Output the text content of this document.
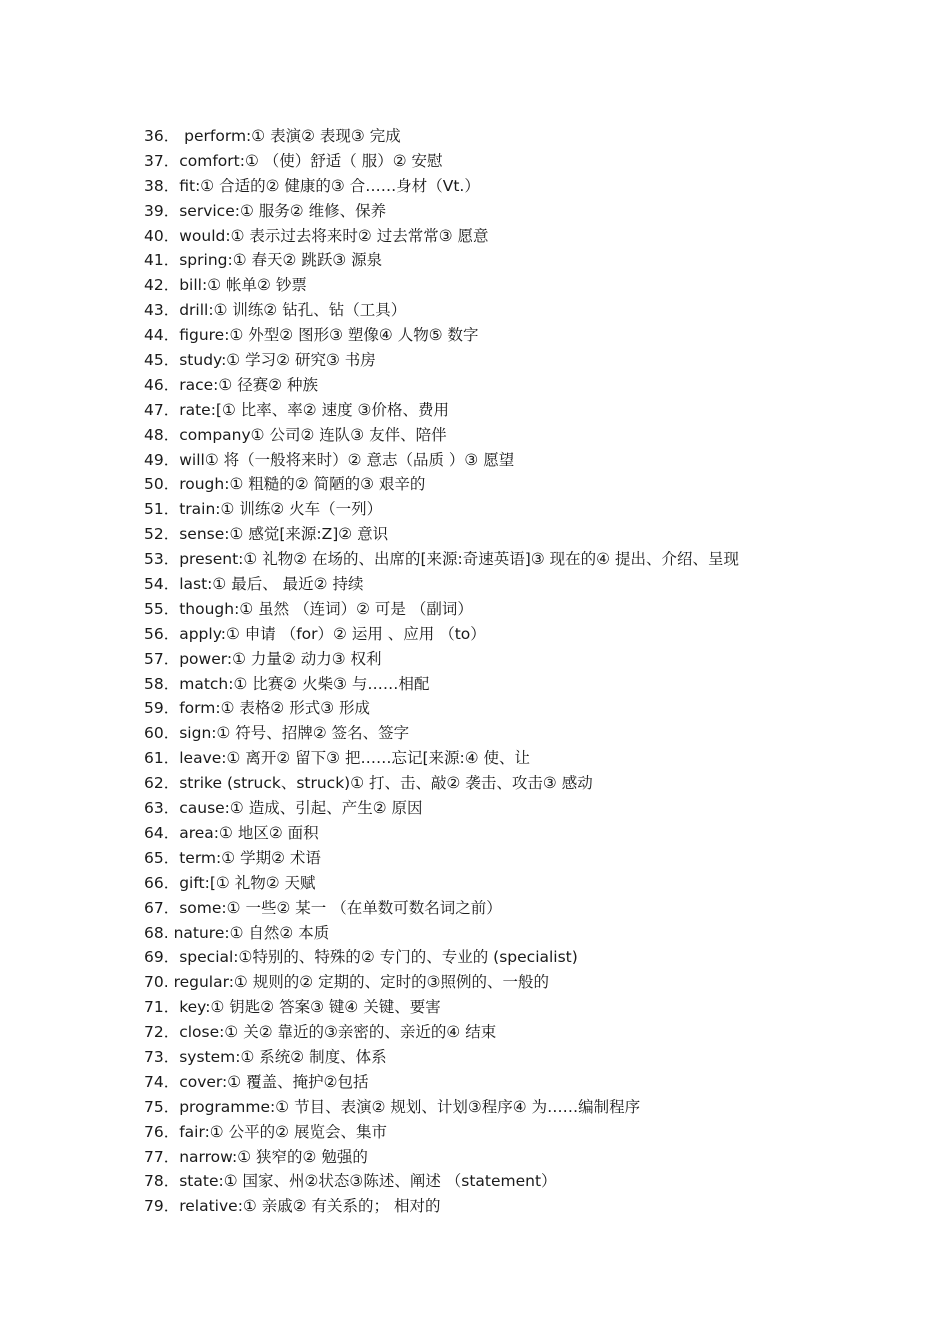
36． perform:① 表演② 表现③ 完成
37．comfort:① （使）舒适（ 服）② 安慰
38．fit:① 合适的② 健康的③ 合……身材（Vt.）
39．service:① 服务② 维修、保养
40．would:① 表示过去将来时② 过去常常③ 愿意
41．spring:① 春天② 跳跃③ 源泉
42．bill:① 帐单② 钞票
43．drill:① 训练② 钻孔、钻（工具）
44．figure:① 外型② 图形③ 塑像④ 人物⑤ 数字
45．study:① 学习② 研究③ 书房
46．race:① 径赛② 种族
47．rate:[① 比率、率② 速度 ③价格、费用
48．company① 公司② 连队③ 友伴、陪伴
49．will① 将（一般将来时）② 意志（品质 ）③ 愿望
50．rough:① 粗糙的② 简陋的③ 艰辛的
51．train:① 训练② 火车（一列）
52．sense:① 感觉[来源:Z]② 意识
53．present:① 礼物② 在场的、出席的[来源:奇速英语]③ 现在的④ 提出、介绍、呈现
54．last:① 最后、 最近② 持续
55．though:① 虽然 （连词）② 可是 （副词）
56．apply:① 申请 （for）② 运用 、应用 （to）
57．power:① 力量② 动力③ 权利
58．match:① 比赛② 火柴③ 与……相配
59．form:① 表格② 形式③ 形成
60．sign:① 符号、招牌② 签名、签字
61．leave:① 离开② 留下③ 把……忘记[来源:④ 使、让
62．strike (struck、struck)① 打、击、敲② 袭击、攻击③ 感动
63．cause:① 造成、引起、产生② 原因
64．area:① 地区② 面积
65．term:① 学期② 术语
66．gift:[① 礼物② 天赋
67．some:① 一些② 某一 （在单数可数名词之前）
68. nature:① 自然② 本质
69．special:①特别的、特殊的② 专门的、专业的 (specialist)
70. regular:① 规则的② 定期的、定时的③照例的、一般的
71．key:① 钥匙② 答案③ 键④ 关键、要害
72．close:① 关② 靠近的③亲密的、亲近的④ 结束
73．system:① 系统② 制度、体系
74．cover:① 覆盖、掩护②包括
75．programme:① 节目、表演② 规划、计划③程序④ 为……编制程序
76．fair:① 公平的② 展览会、集市
77．narrow:① 狭窄的② 勉强的
78．state:① 国家、州②状态③陈述、阐述 （statement）
79．relative:① 亲戚② 有关系的； 相对的
